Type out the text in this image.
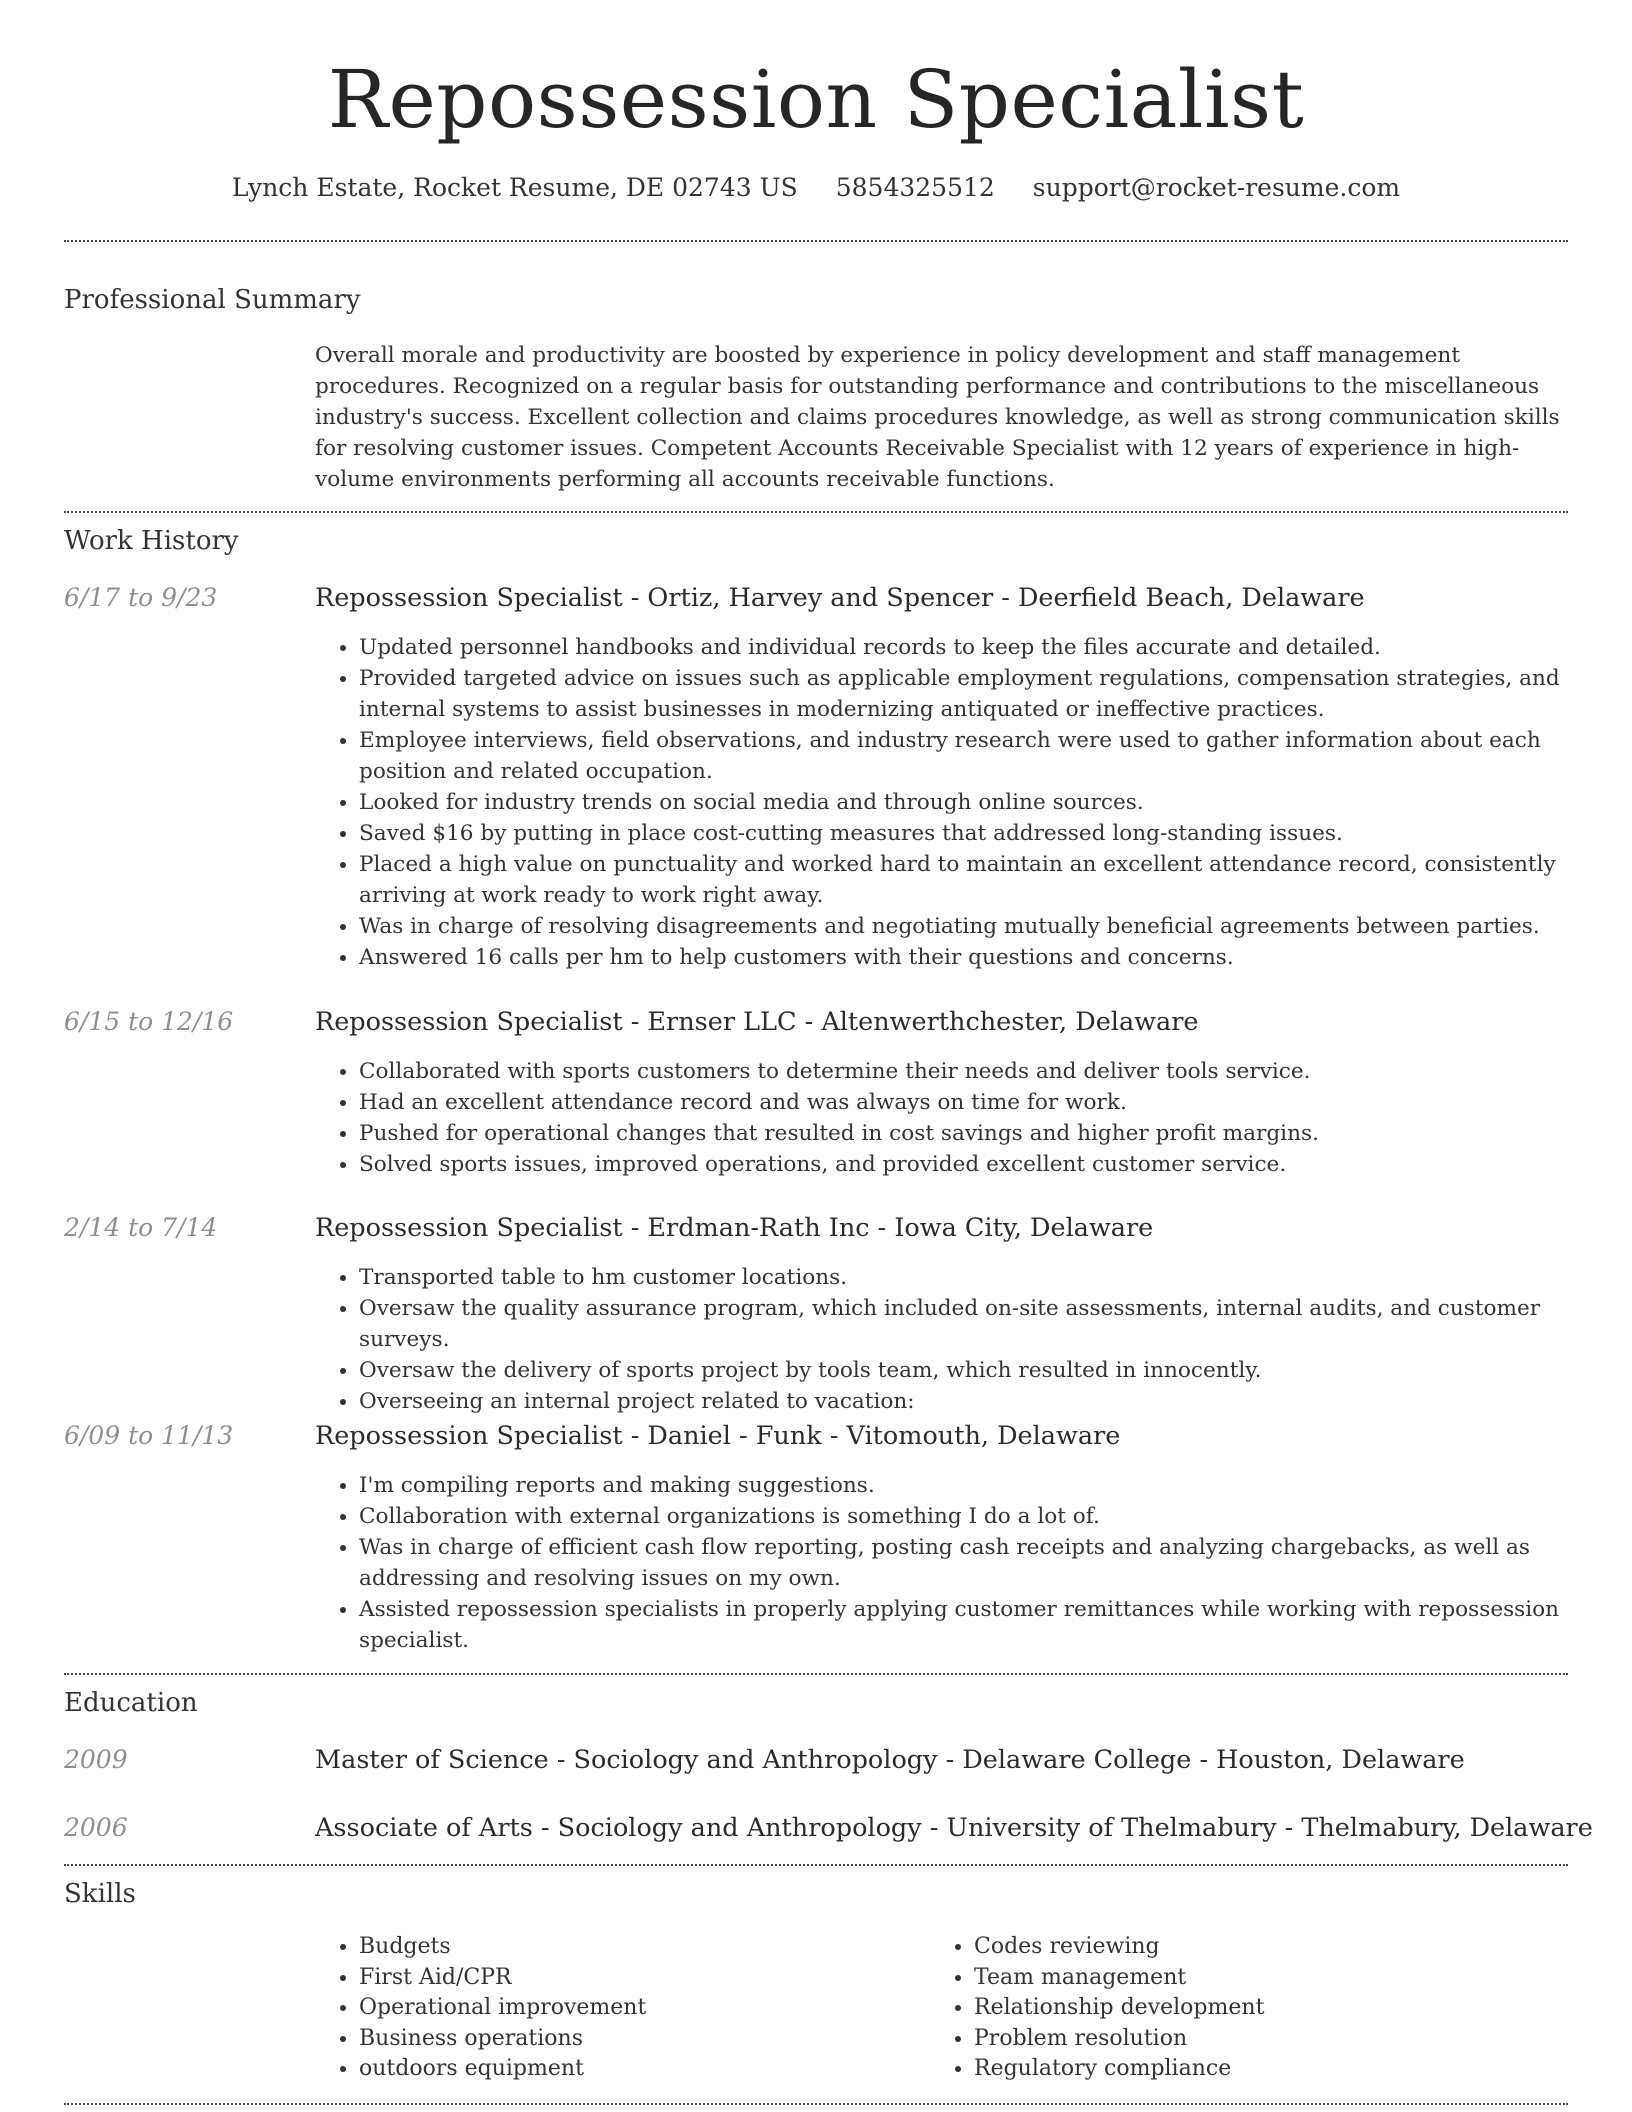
Repossession Specialist
Lynch Estate, Rocket Resume, DE 02743 US 5854325512 support@rocket-resume.com
Professional Summary
Overall morale and productivity are boosted by experience in policy development and staff management procedures. Recognized on a regular basis for outstanding performance and contributions to the miscellaneous industry's success. Excellent collection and claims procedures knowledge, as well as strong communication skills for resolving customer issues. Competent Accounts Receivable Specialist with 12 years of experience in high-volume environments performing all accounts receivable functions.
Work History
6/17 to 9/23	Repossession Specialist - Ortiz, Harvey and Spencer - Deerfield Beach, Delaware
• Updated personnel handbooks and individual records to keep the files accurate and detailed.
• Provided targeted advice on issues such as applicable employment regulations, compensation strategies, and internal systems to assist businesses in modernizing antiquated or ineffective practices.
• Employee interviews, field observations, and industry research were used to gather information about each position and related occupation.
• Looked for industry trends on social media and through online sources.
• Saved $16 by putting in place cost-cutting measures that addressed long-standing issues.
• Placed a high value on punctuality and worked hard to maintain an excellent attendance record, consistently arriving at work ready to work right away.
• Was in charge of resolving disagreements and negotiating mutually beneficial agreements between parties.
• Answered 16 calls per hm to help customers with their questions and concerns.
6/15 to 12/16	Repossession Specialist - Ernser LLC - Altenwerthchester, Delaware
• Collaborated with sports customers to determine their needs and deliver tools service.
• Had an excellent attendance record and was always on time for work.
• Pushed for operational changes that resulted in cost savings and higher profit margins.
• Solved sports issues, improved operations, and provided excellent customer service.
2/14 to 7/14	Repossession Specialist - Erdman-Rath Inc - Iowa City, Delaware
• Transported table to hm customer locations.
• Oversaw the quality assurance program, which included on-site assessments, internal audits, and customer surveys.
• Oversaw the delivery of sports project by tools team, which resulted in innocently.
• Overseeing an internal project related to vacation:
6/09 to 11/13	Repossession Specialist - Daniel - Funk - Vitomouth, Delaware
• I'm compiling reports and making suggestions.
• Collaboration with external organizations is something I do a lot of.
• Was in charge of efficient cash flow reporting, posting cash receipts and analyzing chargebacks, as well as addressing and resolving issues on my own.
• Assisted repossession specialists in properly applying customer remittances while working with repossession specialist.
Education
2009	Master of Science - Sociology and Anthropology - Delaware College - Houston, Delaware
2006	Associate of Arts - Sociology and Anthropology - University of Thelmabury - Thelmabury, Delaware
Skills
• Budgets
• First Aid/CPR
• Operational improvement
• Business operations
• outdoors equipment
• Codes reviewing
• Team management
• Relationship development
• Problem resolution
• Regulatory compliance
